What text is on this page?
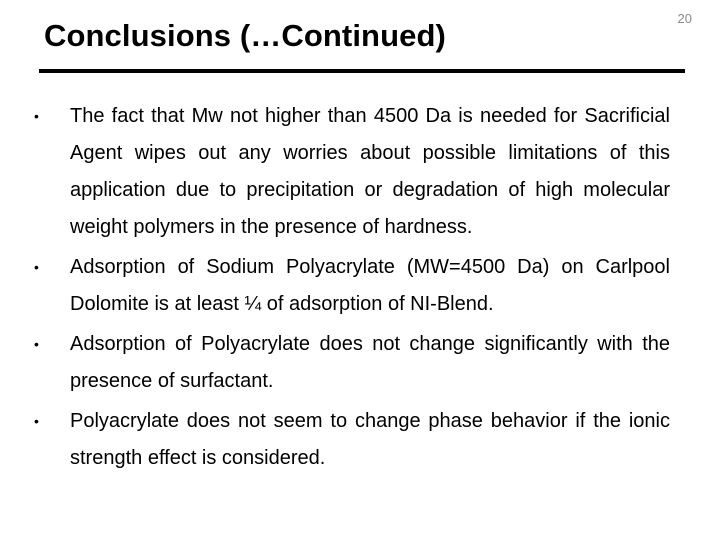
Conclusions (…Continued)	20
• The fact that Mw not higher than 4500 Da is needed for Sacrificial Agent wipes out any worries about possible limitations of this application due to precipitation or degradation of high molecular weight polymers in the presence of hardness.
• Adsorption of Sodium Polyacrylate (MW=4500 Da) on Carlpool Dolomite is at least ¼ of adsorption of NI-Blend.
• Adsorption of Polyacrylate does not change significantly with the presence of surfactant.
• Polyacrylate does not seem to change phase behavior if the ionic strength effect is considered.
